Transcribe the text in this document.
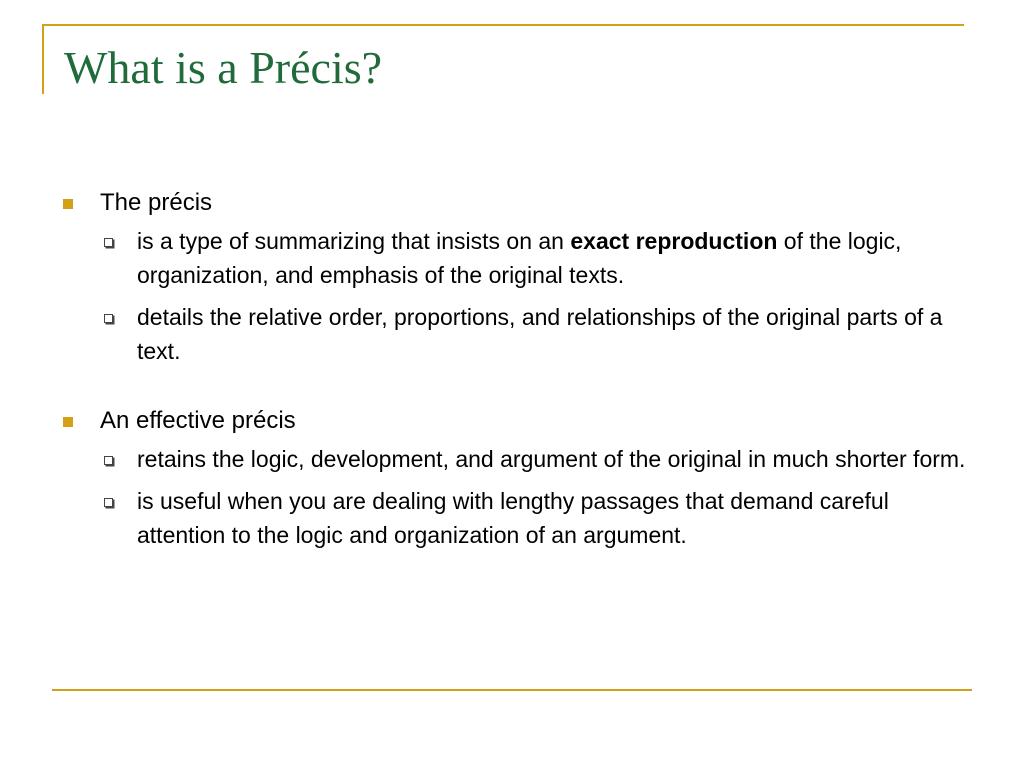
What is a Précis?

The précis

is a type of summarizing that insists on an exact reproduction of the logic, organization, and emphasis of the original texts.
details the relative order, proportions, and relationships of the original parts of a text.

An effective précis

retains the logic, development, and argument of the original in much shorter form.
is useful when you are dealing with lengthy passages that demand careful attention to the logic and organization of an argument.
